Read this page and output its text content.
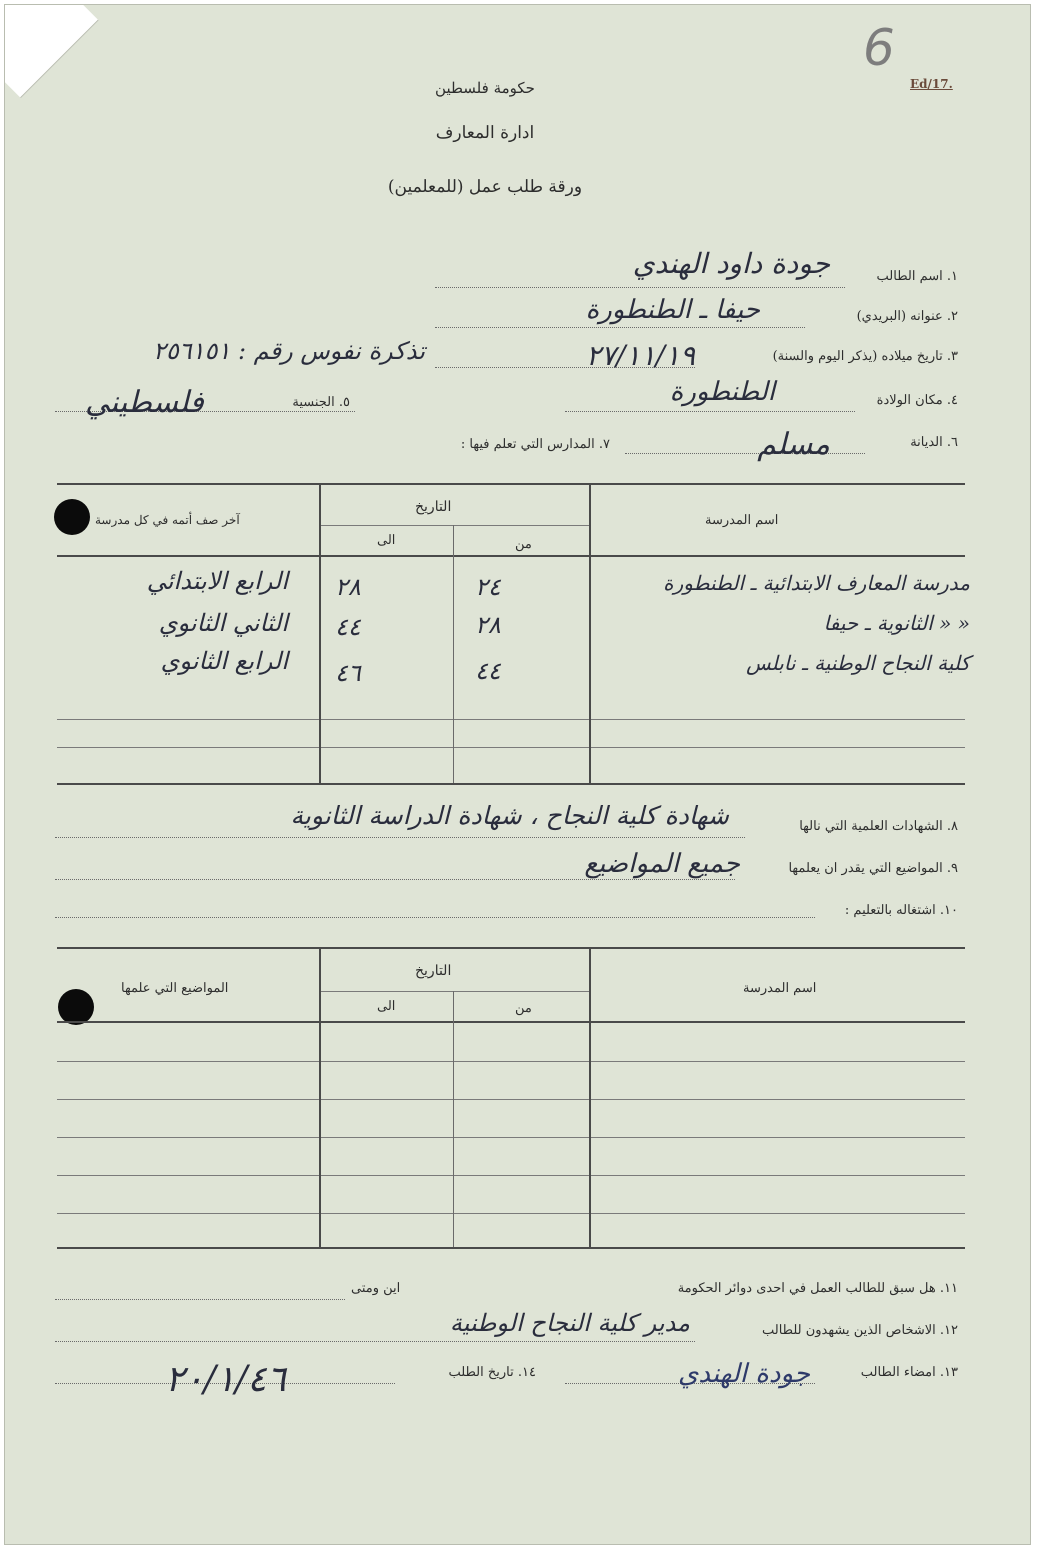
6
Ed/17.
حكومة فلسطين
ادارة المعارف
ورقة طلب عمل (للمعلمين)
١. اسم الطالب
جودة داود الهندي
٢. عنوانه (البريدي)
حيفا ـ الطنطورة
٣. تاريخ ميلاده (يذكر اليوم والسنة)
٢٧/١١/١٩
تذكرة نفوس رقم : ٢٥٦١٥١
٤. مكان الولادة
الطنطورة
٥. الجنسية
فلسطيني
٦. الديانة
مسلم
٧. المدارس التي تعلم فيها :
اسم المدرسة
التاريخ
من
الى
آخر صف أتمه في كل مدرسة
مدرسة المعارف الابتدائية ـ الطنطورة
٢٤
٢٨
الرابع الابتدائي
« « الثانوية ـ حيفا
٢٨
٤٤
الثاني الثانوي
كلية النجاح الوطنية ـ نابلس
٤٤
٤٦
الرابع الثانوي
٨. الشهادات العلمية التي نالها
شهادة كلية النجاح ، شهادة الدراسة الثانوية
٩. المواضيع التي يقدر ان يعلمها
جميع المواضيع
١٠. اشتغاله بالتعليم :
اسم المدرسة
التاريخ
من
الى
المواضيع التي علمها
١١. هل سبق للطالب العمل في احدى دوائر الحكومة
اين ومتى
١٢. الاشخاص الذين يشهدون للطالب
مدير كلية النجاح الوطنية
١٣. امضاء الطالب
جودة الهندي
١٤. تاريخ الطلب
٢٠/١/٤٦
